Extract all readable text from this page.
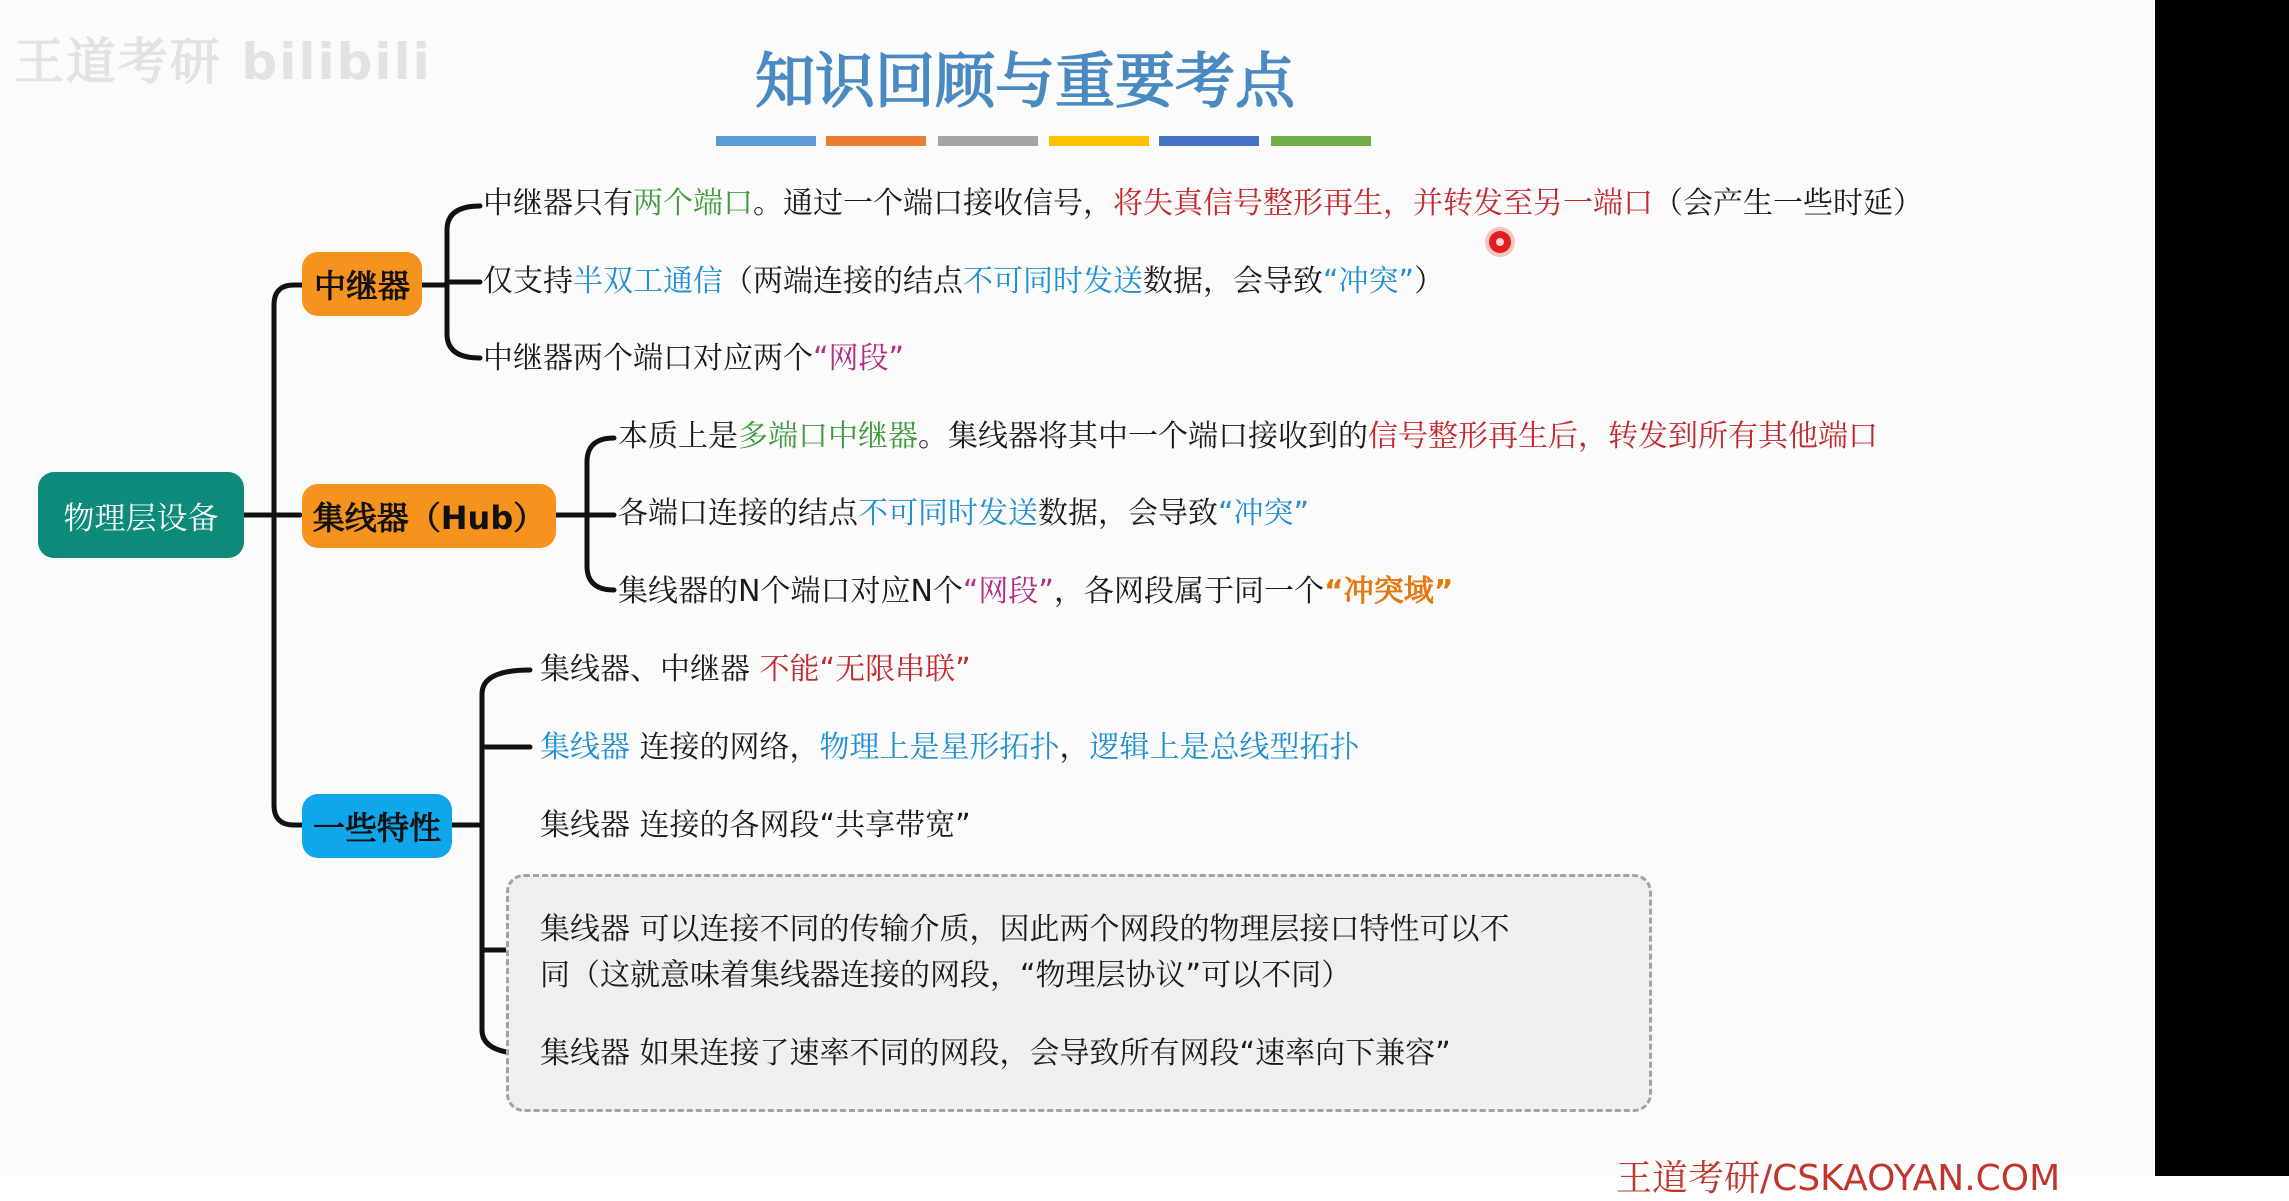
王道考研 bilibili	知识回顾与重要考点
物理层设备
中继器
集线器（Hub）
一些特性
中继器只有两个端口。通过一个端口接收信号，将失真信号整形再生，并转发至另一端口（会产生一些时延）
仅支持半双工通信（两端连接的结点不可同时发送数据，会导致“冲突”）
中继器两个端口对应两个“网段”
本质上是多端口中继器。集线器将其中一个端口接收到的信号整形再生后，转发到所有其他端口
各端口连接的结点不可同时发送数据，会导致“冲突”
集线器的N个端口对应N个“网段”，各网段属于同一个“冲突域”
集线器、中继器 不能“无限串联”
集线器 连接的网络，物理上是星形拓扑，逻辑上是总线型拓扑
集线器 连接的各网段“共享带宽”
集线器 可以连接不同的传输介质，因此两个网段的物理层接口特性可以不
同（这就意味着集线器连接的网段，“物理层协议”可以不同）
集线器 如果连接了速率不同的网段，会导致所有网段“速率向下兼容”
王道考研/CSKAOYAN.COM
